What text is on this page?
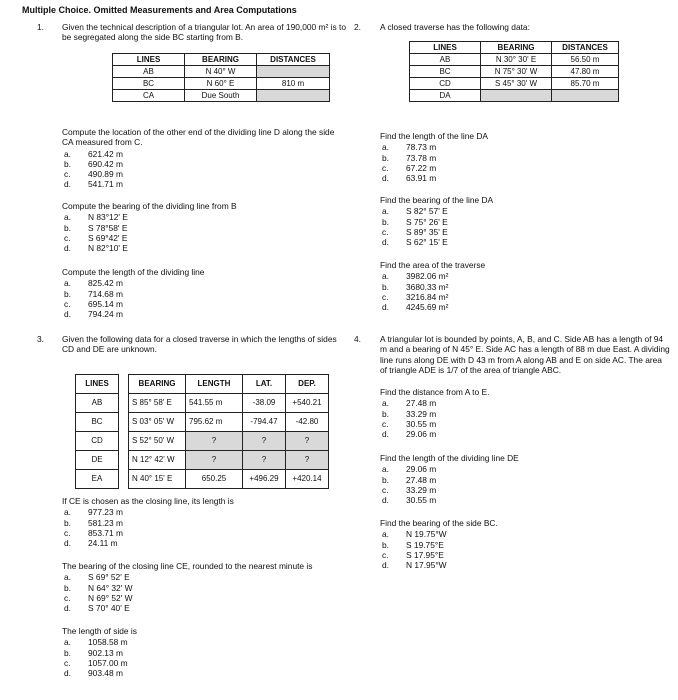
Multiple Choice. Omitted Measurements and Area Computations
1.	Given the technical description of a triangular lot. An area of 190,000 m² is to be segregated along the side BC starting from B.
LINES	BEARING	DISTANCES
AB	N 40° W	
BC	N 60° E	810 m
CA	Due South	
Compute the location of the other end of the dividing line D along the side CA measured from C.
a.	621.42 m
b.	690.42 m
c.	490.89 m
d.	541.71 m
Compute the bearing of the dividing line from B
a.	N 83°12' E
b.	S 78°58' E
c.	S 69°42' E
d.	N 82°10' E
Compute the length of the dividing line
a.	825.42 m
b.	714.68 m
c.	695.14 m
d.	794.24 m
2.	A closed traverse has the following data:
LINES	BEARING	DISTANCES
AB	N 30° 30' E	56.50 m
BC	N 75° 30' W	47.80 m
CD	S 45° 30' W	85.70 m
DA		
Find the length of the line DA
a.	78.73 m
b.	73.78 m
c.	67.22 m
d.	63.91 m
Find the bearing of the line DA
a.	S 82° 57' E
b.	S 75° 26' E
c.	S 89° 35' E
d.	S 62° 15' E
Find the area of the traverse
a.	3982.06 m²
b.	3680.33 m²
c.	3216.84 m²
d.	4245.69 m²
3.	Given the following data for a closed traverse in which the lengths of sides CD and DE are unknown.
LINES		BEARING	LENGTH	LAT.	DEP.
AB		S 85° 58' E	541.55 m	-38.09	+540.21
BC		S 03° 05' W	795.62 m	-794.47	-42.80
CD		S 52° 50' W	?	?	?
DE		N 12° 42' W	?	?	?
EA		N 40° 15' E	650.25	+496.29	+420.14
If CE is chosen as the closing line, its length is
a.	977.23 m
b.	581.23 m
c.	853.71 m
d.	24.11 m
The bearing of the closing line CE, rounded to the nearest minute is
a.	S 69° 52' E
b.	N 64° 32' W
c.	N 69° 52' W
d.	S 70° 40' E
The length of side is
a.	1058.58 m
b.	902.13 m
c.	1057.00 m
d.	903.48 m
4.	A triangular lot is bounded by points, A, B, and C. Side AB has a length of 94 m and a bearing of N 45° E. Side AC has a length of 88 m due East. A dividing line runs along DE with D 43 m from A along AB and E on side AC. The area of triangle ADE is 1/7 of the area of triangle ABC.
Find the distance from A to E.
a.	27.48 m
b.	33.29 m
c.	30.55 m
d.	29.06 m
Find the length of the dividing line DE
a.	29.06 m
b.	27.48 m
c.	33.29 m
d.	30.55 m
Find the bearing of the side BC.
a.	N 19.75°W
b.	S 19.75°E
c.	S 17.95°E
d.	N 17.95°W
